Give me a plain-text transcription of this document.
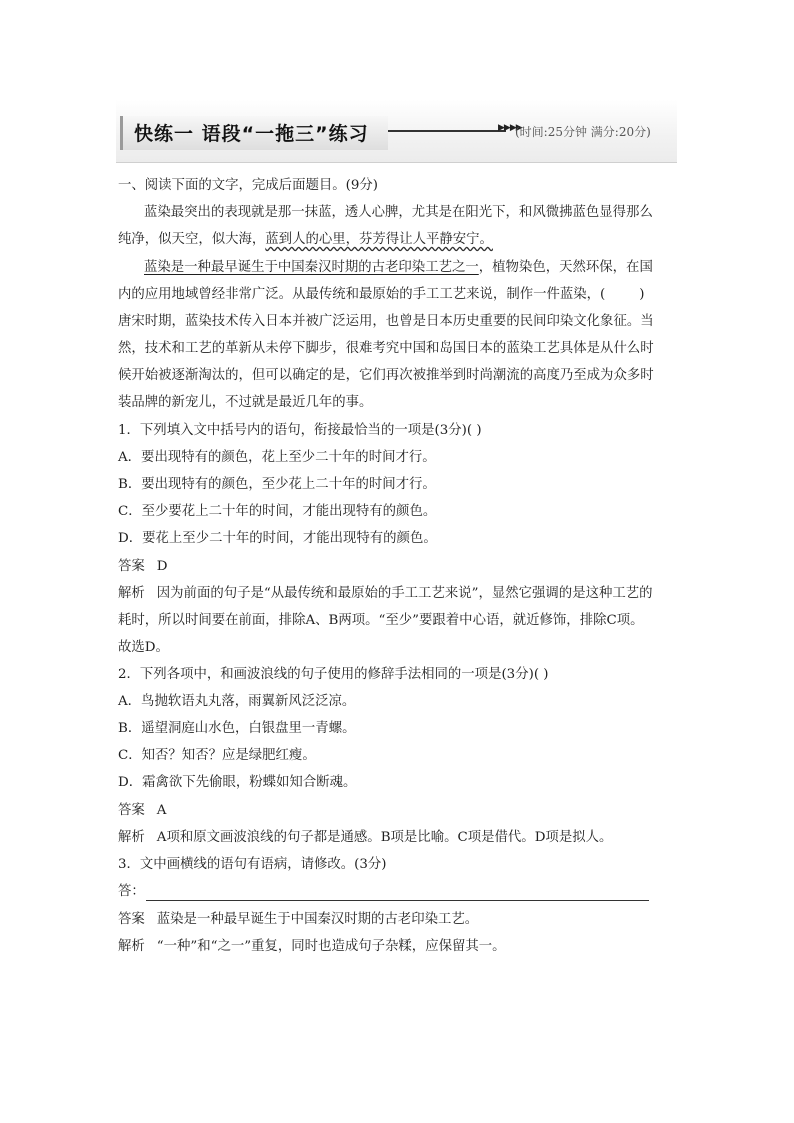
快练一 语段“一拖三”练习	▶▶▶▶
(时间:25分钟 满分:20分)
一、阅读下面的文字，完成后面题目。(9分)
蓝染最突出的表现就是那一抹蓝，透人心脾，尤其是在阳光下，和风微拂蓝色显得那么
纯净，似天空，似大海，蓝到人的心里，芬芳得让人平静安宁。
蓝染是一种最早诞生于中国秦汉时期的古老印染工艺之一，植物染色，天然环保，在国
内的应用地域曾经非常广泛。从最传统和最原始的手工工艺来说，制作一件蓝染，(	)
唐宋时期，蓝染技术传入日本并被广泛运用，也曾是日本历史重要的民间印染文化象征。当
然，技术和工艺的革新从未停下脚步，很难考究中国和岛国日本的蓝染工艺具体是从什么时
候开始被逐渐淘汰的，但可以确定的是，它们再次被推举到时尚潮流的高度乃至成为众多时
装品牌的新宠儿，不过就是最近几年的事。
1．下列填入文中括号内的语句，衔接最恰当的一项是(3分)( )
A．要出现特有的颜色，花上至少二十年的时间才行。
B．要出现特有的颜色，至少花上二十年的时间才行。
C．至少要花上二十年的时间，才能出现特有的颜色。
D．要花上至少二十年的时间，才能出现特有的颜色。
答案 D
解析 因为前面的句子是“从最传统和最原始的手工工艺来说”，显然它强调的是这种工艺的
耗时，所以时间要在前面，排除A、B两项。“至少”要跟着中心语，就近修饰，排除C项。
故选D。
2．下列各项中，和画波浪线的句子使用的修辞手法相同的一项是(3分)( )
A．鸟抛软语丸丸落，雨翼新风泛泛凉。
B．遥望洞庭山水色，白银盘里一青螺。
C．知否？知否？应是绿肥红瘦。
D．霜禽欲下先偷眼，粉蝶如知合断魂。
答案 A
解析 A项和原文画波浪线的句子都是通感。B项是比喻。C项是借代。D项是拟人。
3．文中画横线的语句有语病，请修改。(3分)
答：
答案 蓝染是一种最早诞生于中国秦汉时期的古老印染工艺。
解析 “一种”和“之一”重复，同时也造成句子杂糅，应保留其一。
